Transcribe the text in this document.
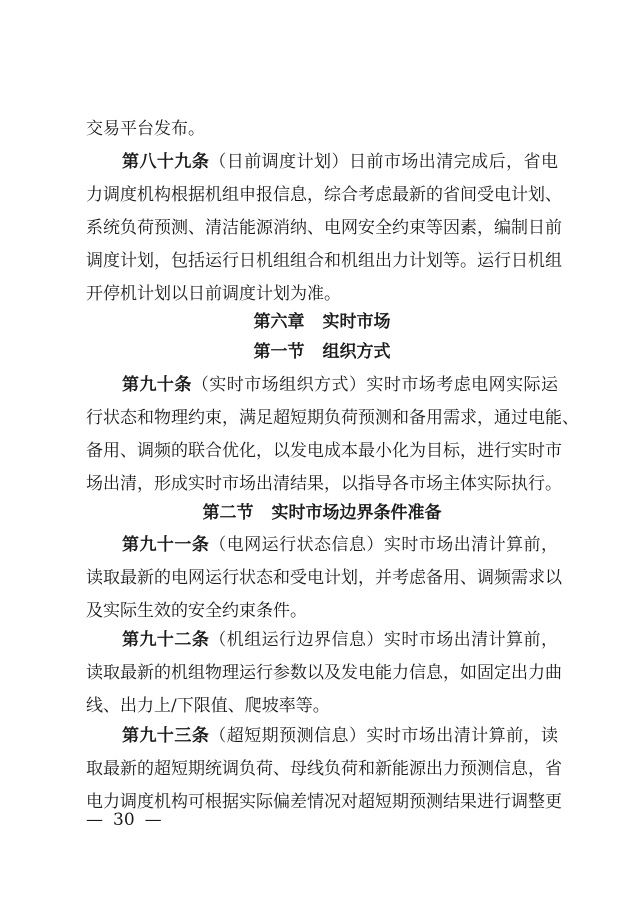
交易平台发布。
第八十九条（日前调度计划）日前市场出清完成后，省电
力调度机构根据机组申报信息，综合考虑最新的省间受电计划、
系统负荷预测、清洁能源消纳、电网安全约束等因素，编制日前
调度计划，包括运行日机组组合和机组出力计划等。运行日机组
开停机计划以日前调度计划为准。
第六章 实时市场
第一节 组织方式
第九十条（实时市场组织方式）实时市场考虑电网实际运
行状态和物理约束，满足超短期负荷预测和备用需求，通过电能、
备用、调频的联合优化，以发电成本最小化为目标，进行实时市
场出清，形成实时市场出清结果，以指导各市场主体实际执行。
第二节 实时市场边界条件准备
第九十一条（电网运行状态信息）实时市场出清计算前，
读取最新的电网运行状态和受电计划，并考虑备用、调频需求以
及实际生效的安全约束条件。
第九十二条（机组运行边界信息）实时市场出清计算前，
读取最新的机组物理运行参数以及发电能力信息，如固定出力曲
线、出力上/下限值、爬坡率等。
第九十三条（超短期预测信息）实时市场出清计算前，读
取最新的超短期统调负荷、母线负荷和新能源出力预测信息，省
电力调度机构可根据实际偏差情况对超短期预测结果进行调整更
— 30 —
